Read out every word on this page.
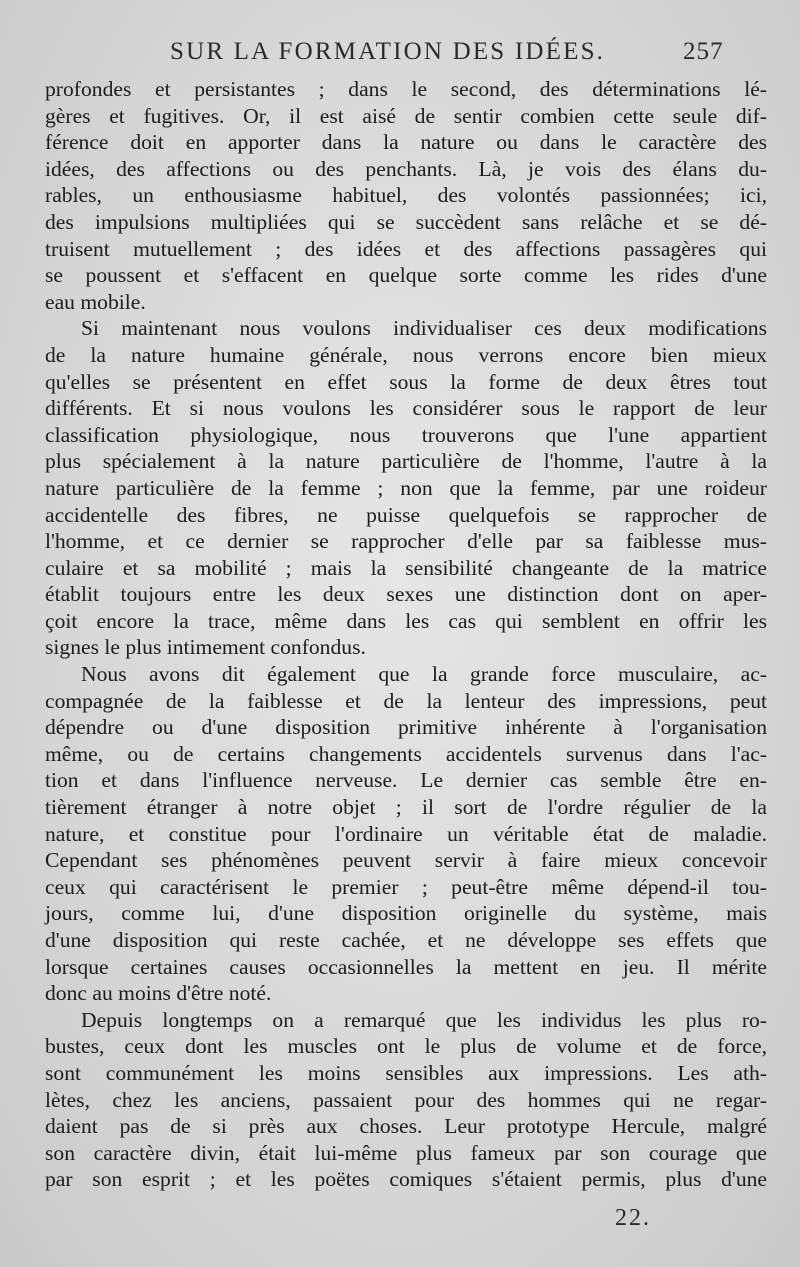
SUR LA FORMATION DES IDÉES.	257
profondes et persistantes ; dans le second, des déterminations lé-
gères et fugitives. Or, il est aisé de sentir combien cette seule dif-
férence doit en apporter dans la nature ou dans le caractère des
idées, des affections ou des penchants. Là, je vois des élans du-
rables, un enthousiasme habituel, des volontés passionnées; ici,
des impulsions multipliées qui se succèdent sans relâche et se dé-
truisent mutuellement ; des idées et des affections passagères qui
se poussent et s'effacent en quelque sorte comme les rides d'une
eau mobile.
Si maintenant nous voulons individualiser ces deux modifications
de la nature humaine générale, nous verrons encore bien mieux
qu'elles se présentent en effet sous la forme de deux êtres tout
différents. Et si nous voulons les considérer sous le rapport de leur
classification physiologique, nous trouverons que l'une appartient
plus spécialement à la nature particulière de l'homme, l'autre à la
nature particulière de la femme ; non que la femme, par une roideur
accidentelle des fibres, ne puisse quelquefois se rapprocher de
l'homme, et ce dernier se rapprocher d'elle par sa faiblesse mus-
culaire et sa mobilité ; mais la sensibilité changeante de la matrice
établit toujours entre les deux sexes une distinction dont on aper-
çoit encore la trace, même dans les cas qui semblent en offrir les
signes le plus intimement confondus.
Nous avons dit également que la grande force musculaire, ac-
compagnée de la faiblesse et de la lenteur des impressions, peut
dépendre ou d'une disposition primitive inhérente à l'organisation
même, ou de certains changements accidentels survenus dans l'ac-
tion et dans l'influence nerveuse. Le dernier cas semble être en-
tièrement étranger à notre objet ; il sort de l'ordre régulier de la
nature, et constitue pour l'ordinaire un véritable état de maladie.
Cependant ses phénomènes peuvent servir à faire mieux concevoir
ceux qui caractérisent le premier ; peut-être même dépend-il tou-
jours, comme lui, d'une disposition originelle du système, mais
d'une disposition qui reste cachée, et ne développe ses effets que
lorsque certaines causes occasionnelles la mettent en jeu. Il mérite
donc au moins d'être noté.
Depuis longtemps on a remarqué que les individus les plus ro-
bustes, ceux dont les muscles ont le plus de volume et de force,
sont communément les moins sensibles aux impressions. Les ath-
lètes, chez les anciens, passaient pour des hommes qui ne regar-
daient pas de si près aux choses. Leur prototype Hercule, malgré
son caractère divin, était lui-même plus fameux par son courage que
par son esprit ; et les poëtes comiques s'étaient permis, plus d'une
22.
